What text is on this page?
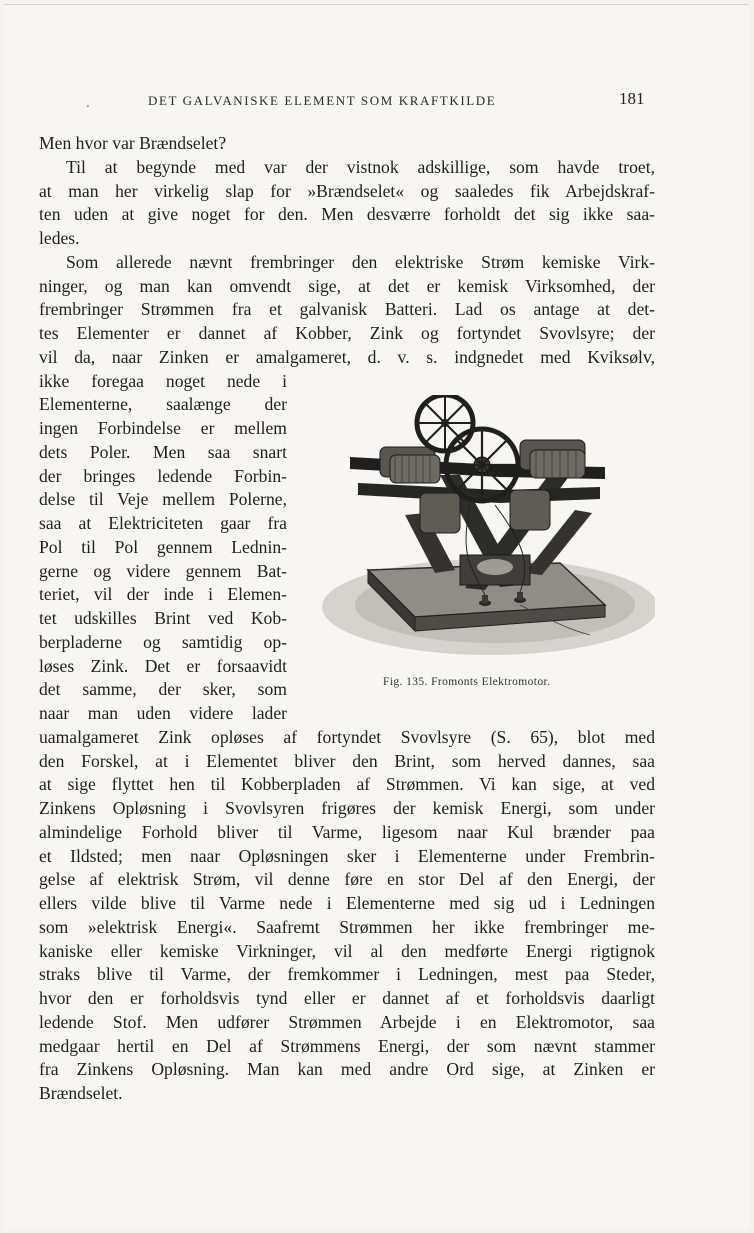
.	DET GALVANISKE ELEMENT SOM KRAFTKILDE	181
Men hvor var Brændselet?
Til at begynde med var der vistnok adskillige, som havde troet,
at man her virkelig slap for »Brændselet« og saaledes fik Arbejdskraf-
ten uden at give noget for den. Men desværre forholdt det sig ikke saa-
ledes.
Som allerede nævnt frembringer den elektriske Strøm kemiske Virk-
ninger, og man kan omvendt sige, at det er kemisk Virksomhed, der
frembringer Strømmen fra et galvanisk Batteri. Lad os antage at det-
tes Elementer er dannet af Kobber, Zink og fortyndet Svovlsyre; der
vil da, naar Zinken er amalgameret, d. v. s. indgnedet med Kviksølv,
ikke foregaa noget nede i
Elementerne, saalænge der
ingen Forbindelse er mellem
dets Poler. Men saa snart
der bringes ledende Forbin-
delse til Veje mellem Polerne,
saa at Elektriciteten gaar fra
Pol til Pol gennem Lednin-
gerne og videre gennem Bat-
teriet, vil der inde i Elemen-
tet udskilles Brint ved Kob-
berpladerne og samtidig op-
løses Zink. Det er forsaavidt
det samme, der sker, som
naar man uden videre lader
uamalgameret Zink opløses af fortyndet Svovlsyre (S. 65), blot med
den Forskel, at i Elementet bliver den Brint, som herved dannes, saa
at sige flyttet hen til Kobberpladen af Strømmen. Vi kan sige, at ved
Zinkens Opløsning i Svovlsyren frigøres der kemisk Energi, som under
almindelige Forhold bliver til Varme, ligesom naar Kul brænder paa
et Ildsted; men naar Opløsningen sker i Elementerne under Frembrin-
gelse af elektrisk Strøm, vil denne føre en stor Del af den Energi, der
ellers vilde blive til Varme nede i Elementerne med sig ud i Ledningen
som »elektrisk Energi«. Saafremt Strømmen her ikke frembringer me-
kaniske eller kemiske Virkninger, vil al den medførte Energi rigtignok
straks blive til Varme, der fremkommer i Ledningen, mest paa Steder,
hvor den er forholdsvis tynd eller er dannet af et forholdsvis daarligt
ledende Stof. Men udfører Strømmen Arbejde i en Elektromotor, saa
medgaar hertil en Del af Strømmens Energi, der som nævnt stammer
fra Zinkens Opløsning. Man kan med andre Ord sige, at Zinken er
Brændselet.
Fig. 135. Fromonts Elektromotor.
